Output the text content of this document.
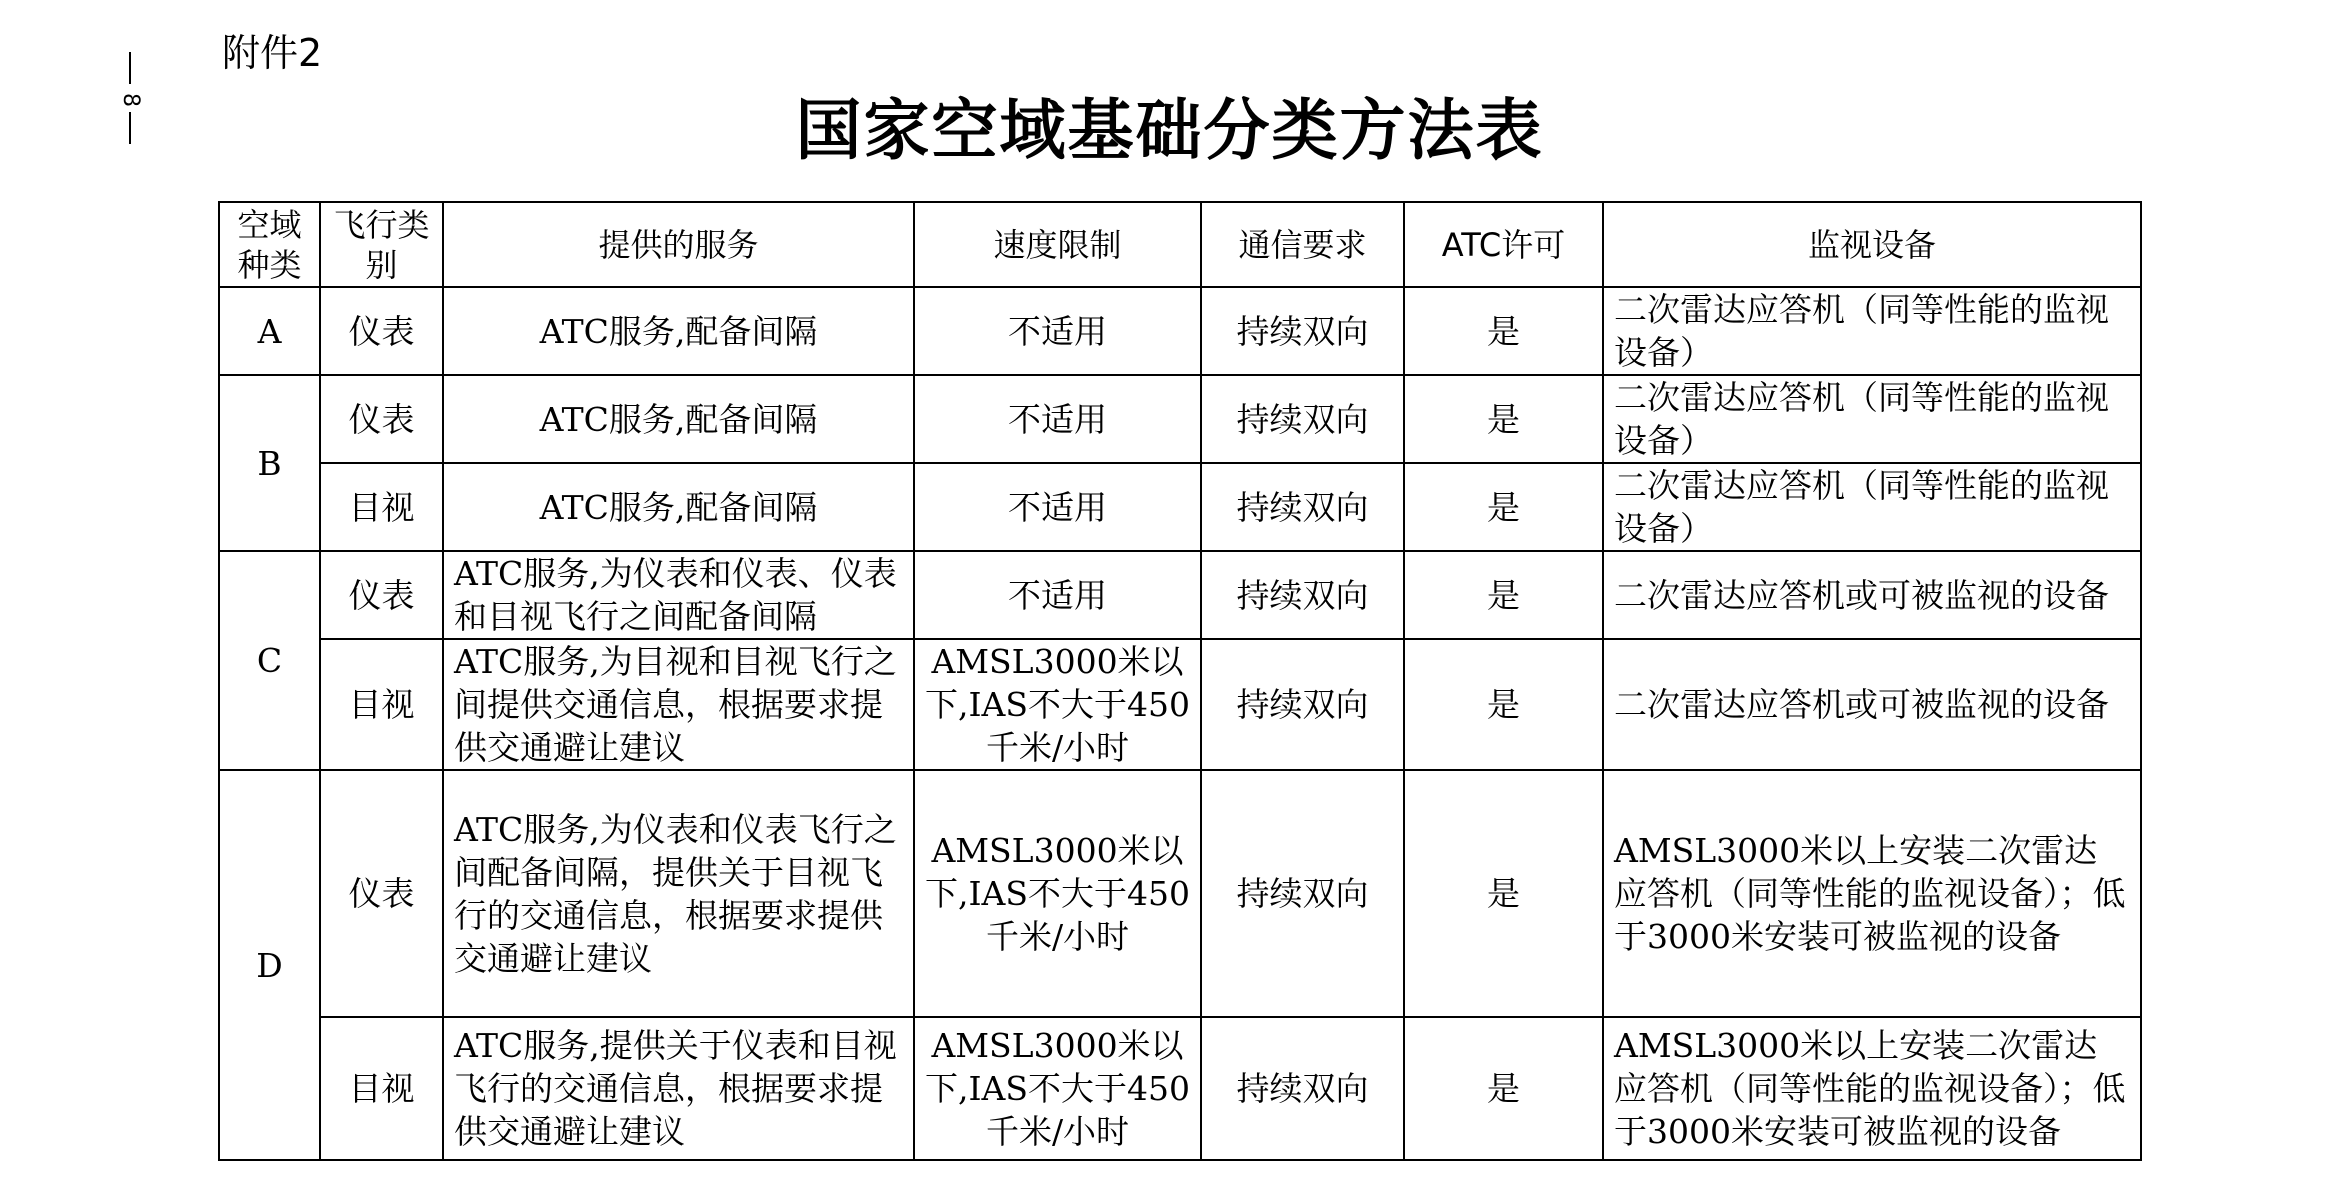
8
附件2
国家空域基础分类方法表
空域种类	飞行类别	提供的服务	速度限制	通信要求	ATC许可	监视设备
A	仪表	ATC服务,配备间隔	不适用	持续双向	是	二次雷达应答机（同等性能的监视设备）
B	仪表	ATC服务,配备间隔	不适用	持续双向	是	二次雷达应答机（同等性能的监视设备）
	目视	ATC服务,配备间隔	不适用	持续双向	是	二次雷达应答机（同等性能的监视设备）
C	仪表	ATC服务,为仪表和仪表、仪表和目视飞行之间配备间隔	不适用	持续双向	是	二次雷达应答机或可被监视的设备
	目视	ATC服务,为目视和目视飞行之间提供交通信息，根据要求提供交通避让建议	AMSL3000米以下,IAS不大于450千米/小时	持续双向	是	二次雷达应答机或可被监视的设备
D	仪表	ATC服务,为仪表和仪表飞行之间配备间隔，提供关于目视飞行的交通信息，根据要求提供交通避让建议	AMSL3000米以下,IAS不大于450千米/小时	持续双向	是	AMSL3000米以上安装二次雷达应答机（同等性能的监视设备）；低于3000米安装可被监视的设备
	目视	ATC服务,提供关于仪表和目视飞行的交通信息，根据要求提供交通避让建议	AMSL3000米以下,IAS不大于450千米/小时	持续双向	是	AMSL3000米以上安装二次雷达应答机（同等性能的监视设备）；低于3000米安装可被监视的设备
